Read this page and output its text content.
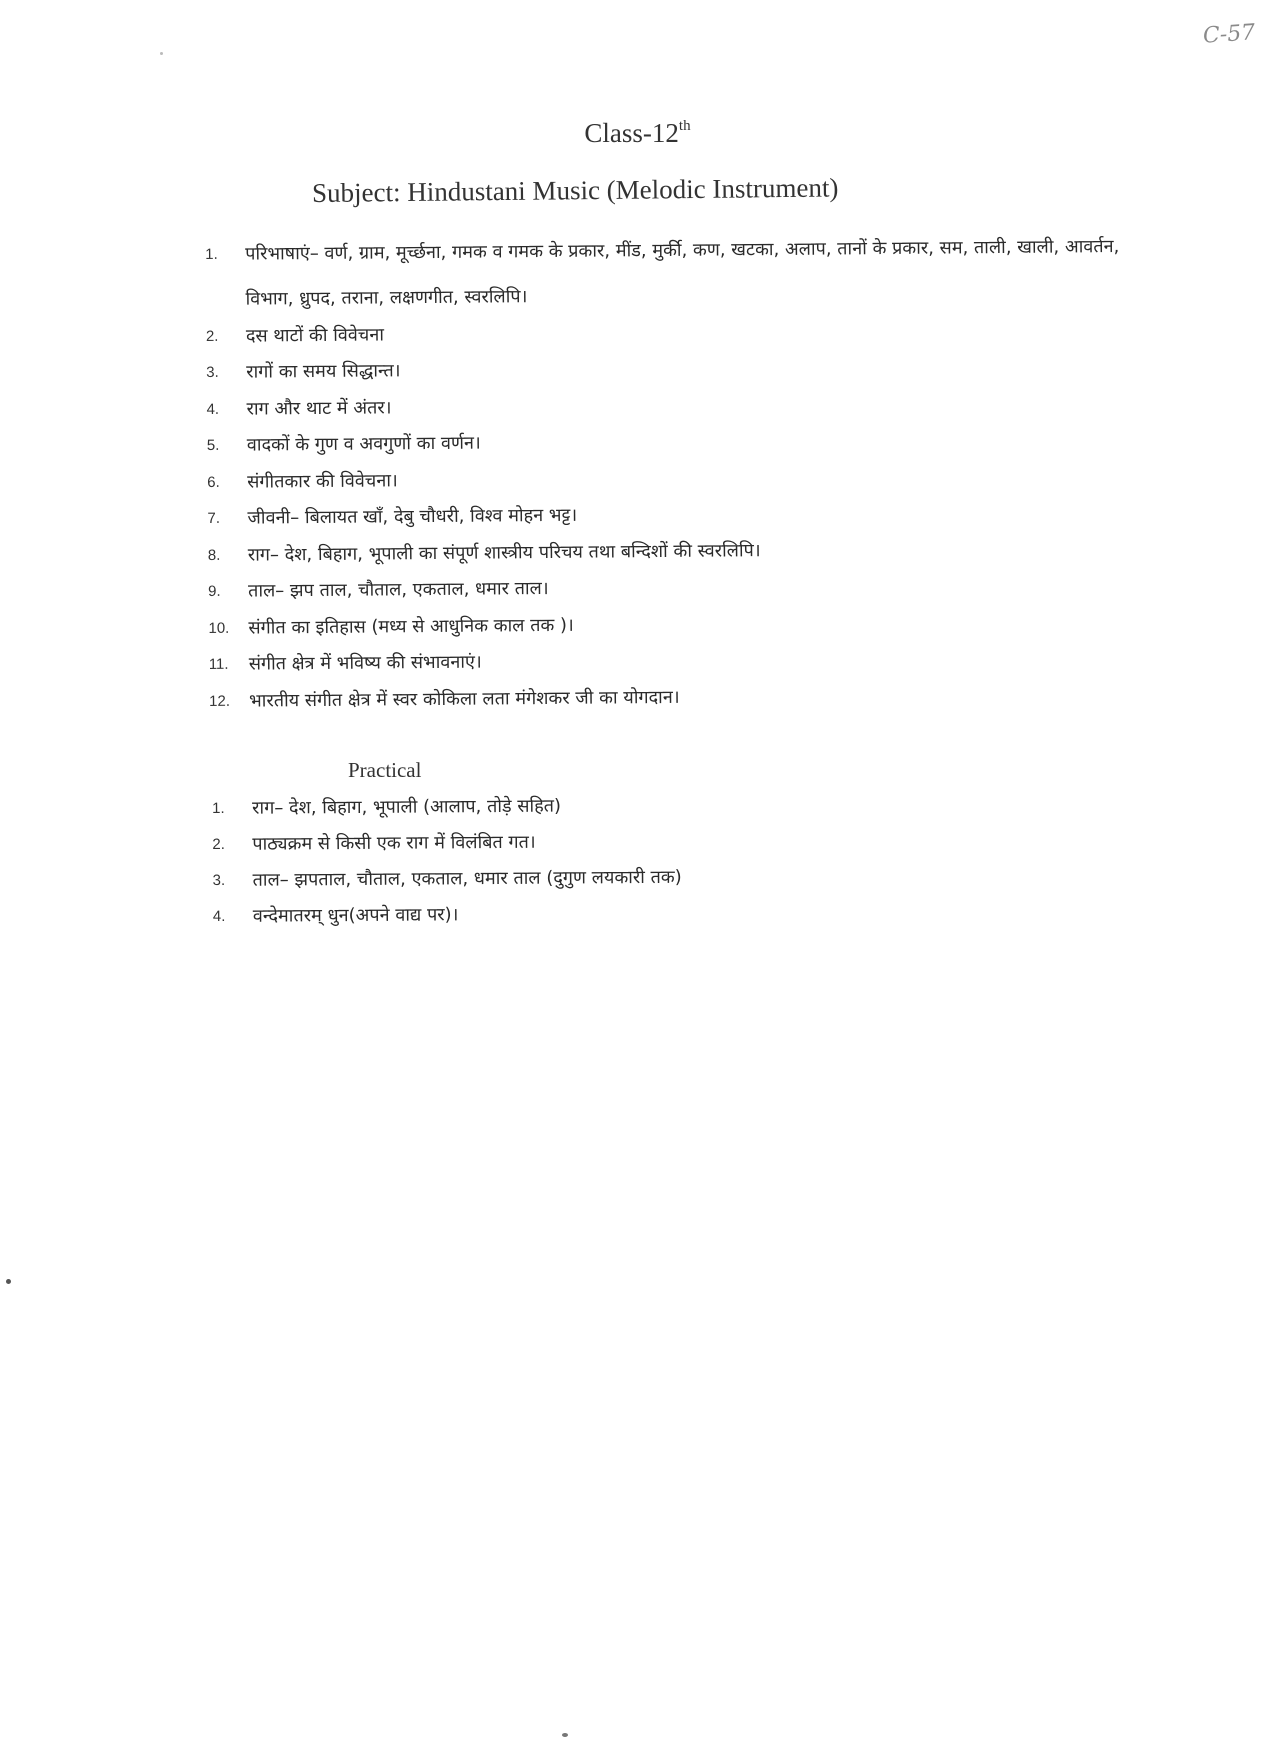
C-57
Class-12th
Subject: Hindustani Music (Melodic Instrument)
1.	परिभाषाएं– वर्ण, ग्राम, मूर्च्छना, गमक व गमक के प्रकार, मींड, मुर्की, कण, खटका, अलाप, तानों के प्रकार, सम, ताली, खाली, आवर्तन, विभाग, ध्रुपद, तराना, लक्षणगीत, स्वरलिपि।
2.	दस थाटों की विवेचना
3.	रागों का समय सिद्धान्त।
4.	राग और थाट में अंतर।
5.	वादकों के गुण व अवगुणों का वर्णन।
6.	संगीतकार की विवेचना।
7.	जीवनी– बिलायत खाँ, देबु चौधरी, विश्व मोहन भट्ट।
8.	राग– देश, बिहाग, भूपाली का संपूर्ण शास्त्रीय परिचय तथा बन्दिशों की स्वरलिपि।
9.	ताल– झप ताल, चौताल, एकताल, धमार ताल।
10.	संगीत का इतिहास (मध्य से आधुनिक काल तक )।
11.	संगीत क्षेत्र में भविष्य की संभावनाएं।
12.	भारतीय संगीत क्षेत्र में स्वर कोकिला लता मंगेशकर जी का योगदान।
Practical
1.	राग– देश, बिहाग, भूपाली (आलाप, तोड़े सहित)
2.	पाठ्यक्रम से किसी एक राग में विलंबित गत।
3.	ताल– झपताल, चौताल, एकताल, धमार ताल (दुगुण लयकारी तक)
4.	वन्देमातरम् धुन(अपने वाद्य पर)।
